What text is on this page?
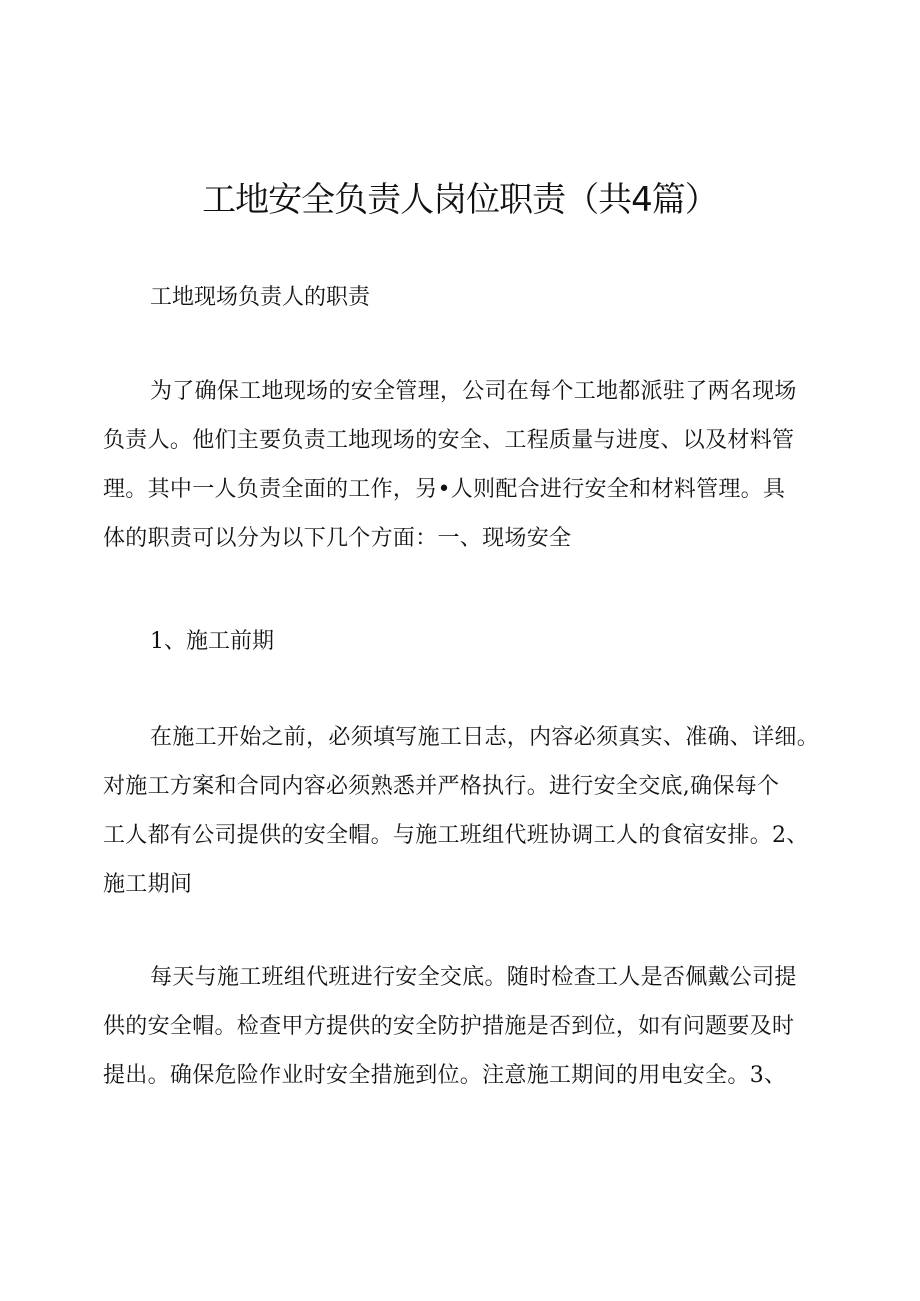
工地安全负责人岗位职责（共4篇）

工地现场负责人的职责

为了确保工地现场的安全管理，公司在每个工地都派驻了两名现场
负责人。他们主要负责工地现场的安全、工程质量与进度、以及材料管
理。其中一人负责全面的工作，另•人则配合进行安全和材料管理。具
体的职责可以分为以下几个方面：一、现场安全

1、施工前期

在施工开始之前，必须填写施工日志，内容必须真实、准确、详细。
对施工方案和合同内容必须熟悉并严格执行。进行安全交底,确保每个
工人都有公司提供的安全帽。与施工班组代班协调工人的食宿安排。2、
施工期间
每天与施工班组代班进行安全交底。随时检查工人是否佩戴公司提
供的安全帽。检查甲方提供的安全防护措施是否到位，如有问题要及时
提出。确保危险作业时安全措施到位。注意施工期间的用电安全。3、
